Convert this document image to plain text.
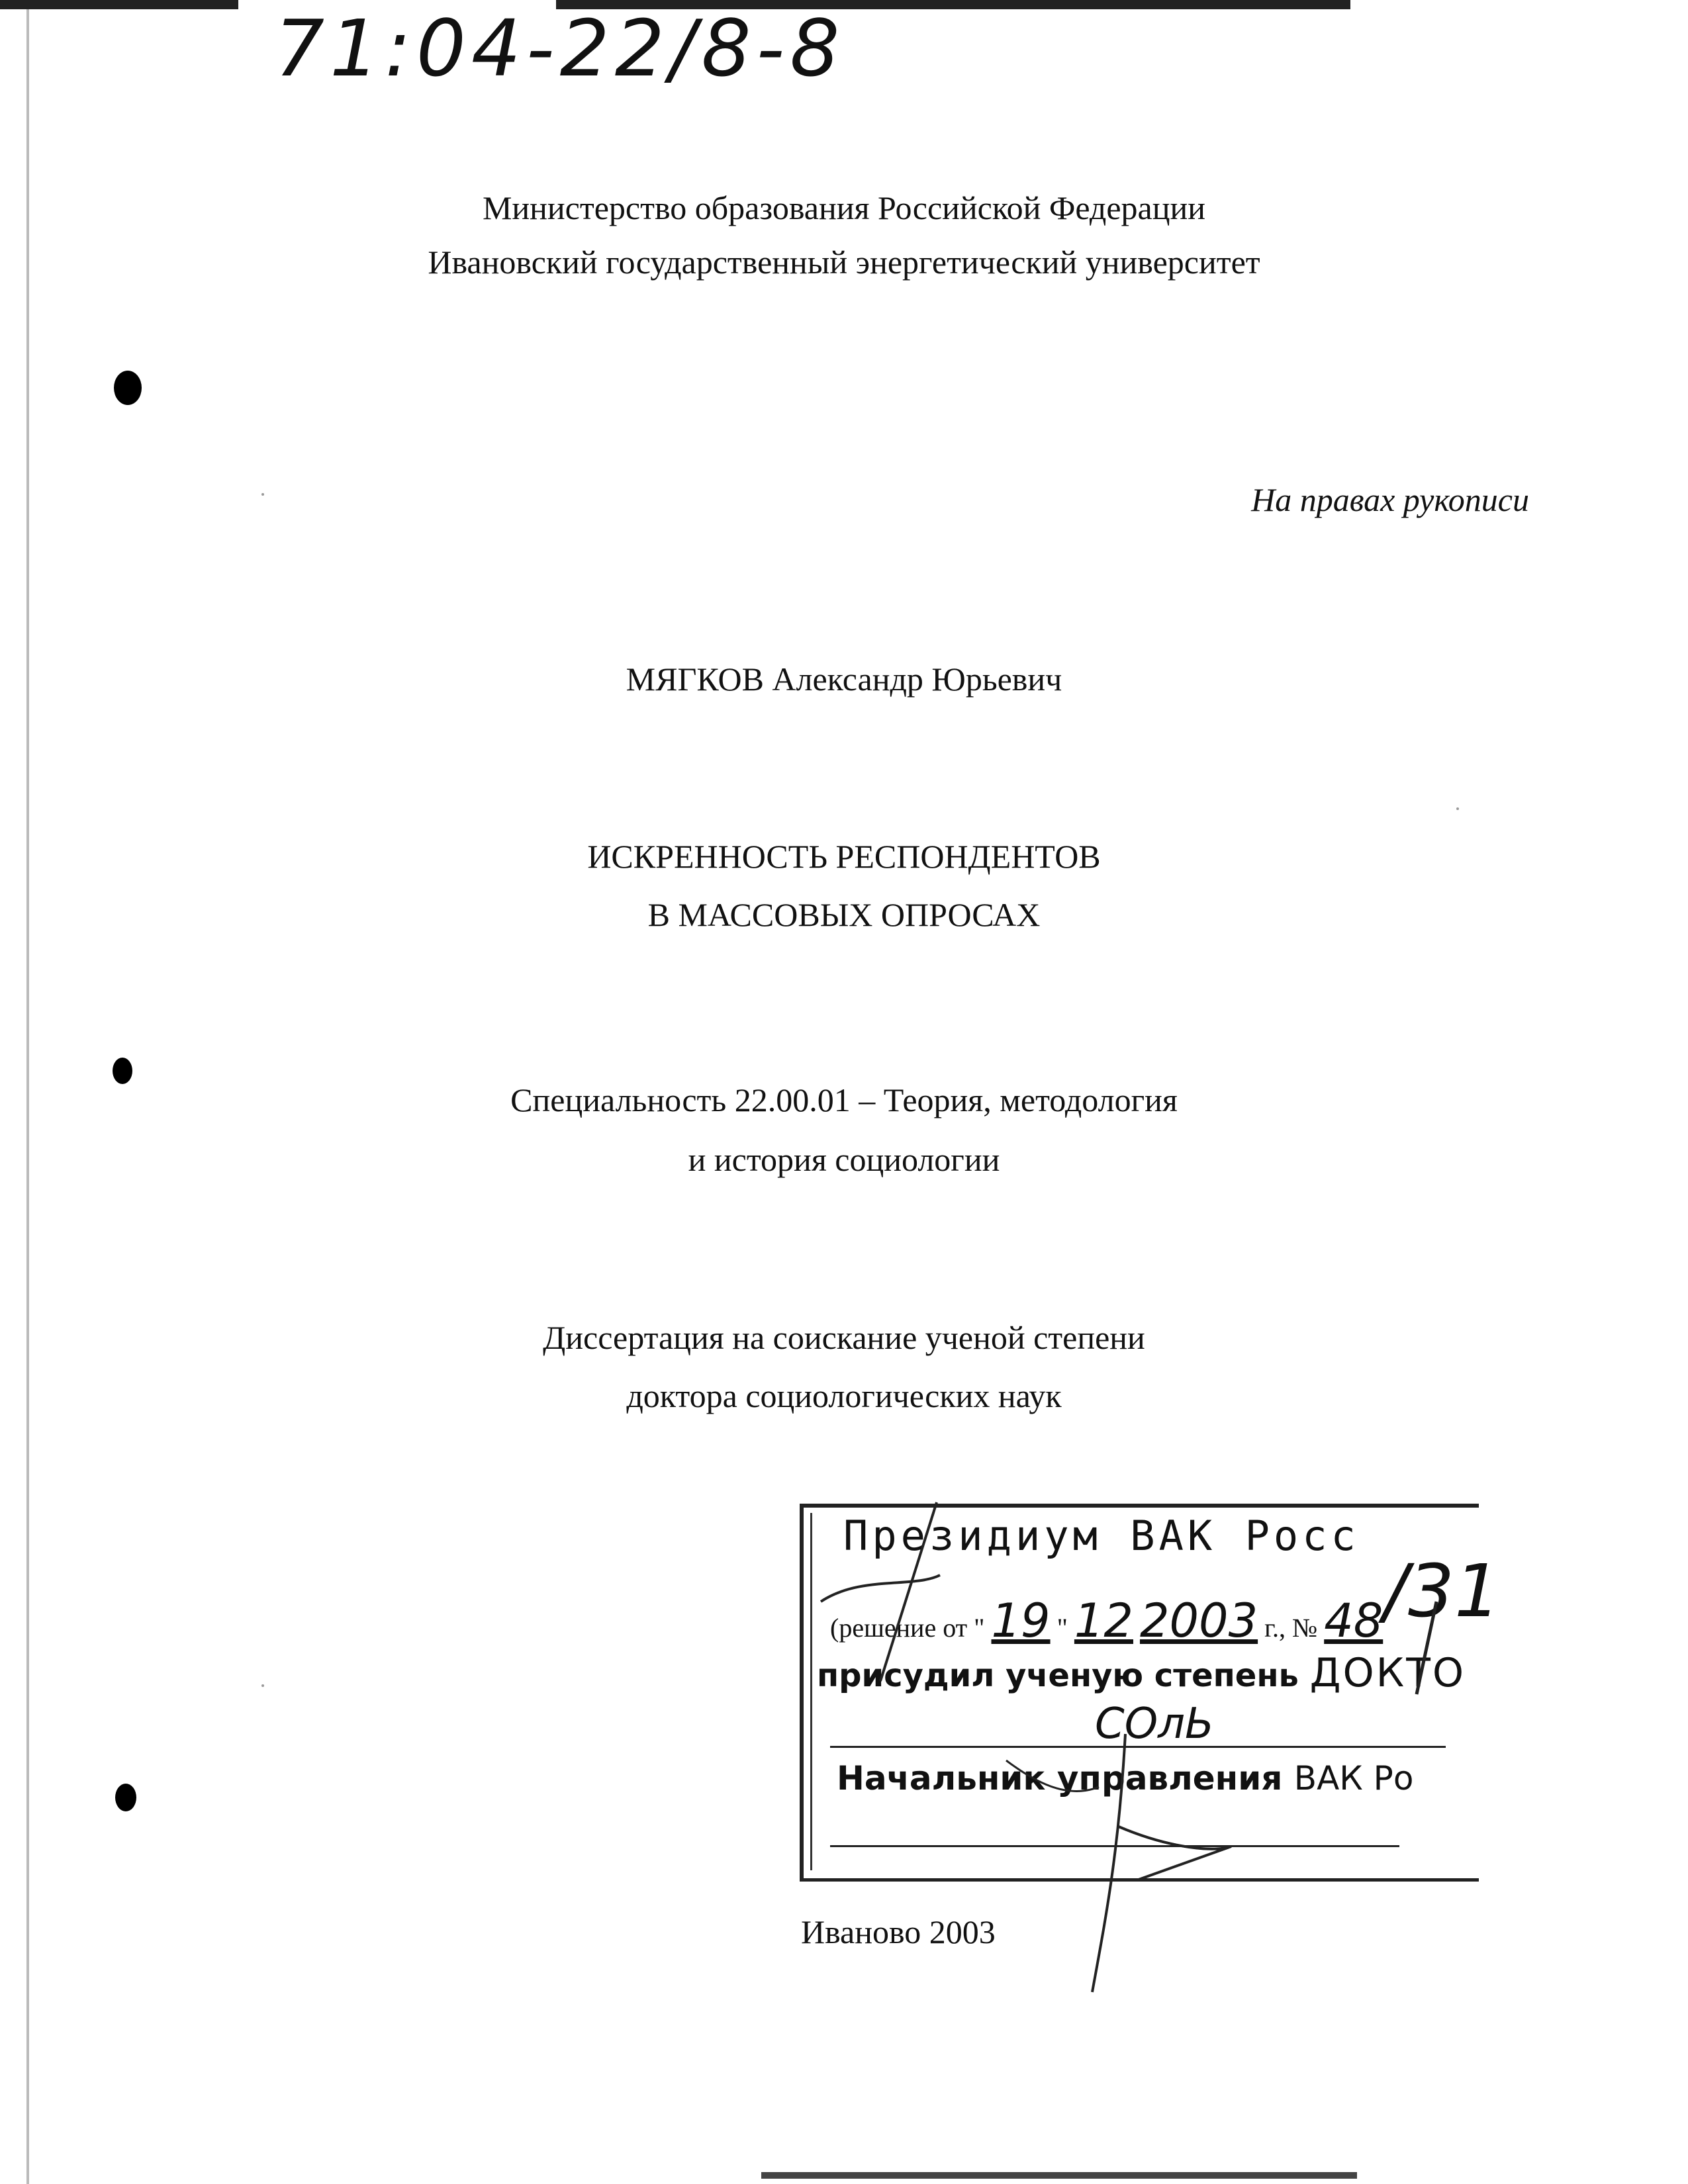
71:04-22/8-8

Министерство образования Российской Федерации
Ивановский государственный энергетический университет

На правах рукописи

МЯГКОВ Александр Юрьевич

ИСКРЕННОСТЬ РЕСПОНДЕНТОВ
В МАССОВЫХ ОПРОСАХ
Специальность 22.00.01 – Теория, методология
и история социологии
Диссертация на соискание ученой степени
доктора социологических наук
Президиум ВАК Росс
(решение от " 19 " 12 2003 г., № 48
присудил ученую степень ДОКТО
СОлЬ
Начальник управления ВАК Ро
/31

Иваново 2003
